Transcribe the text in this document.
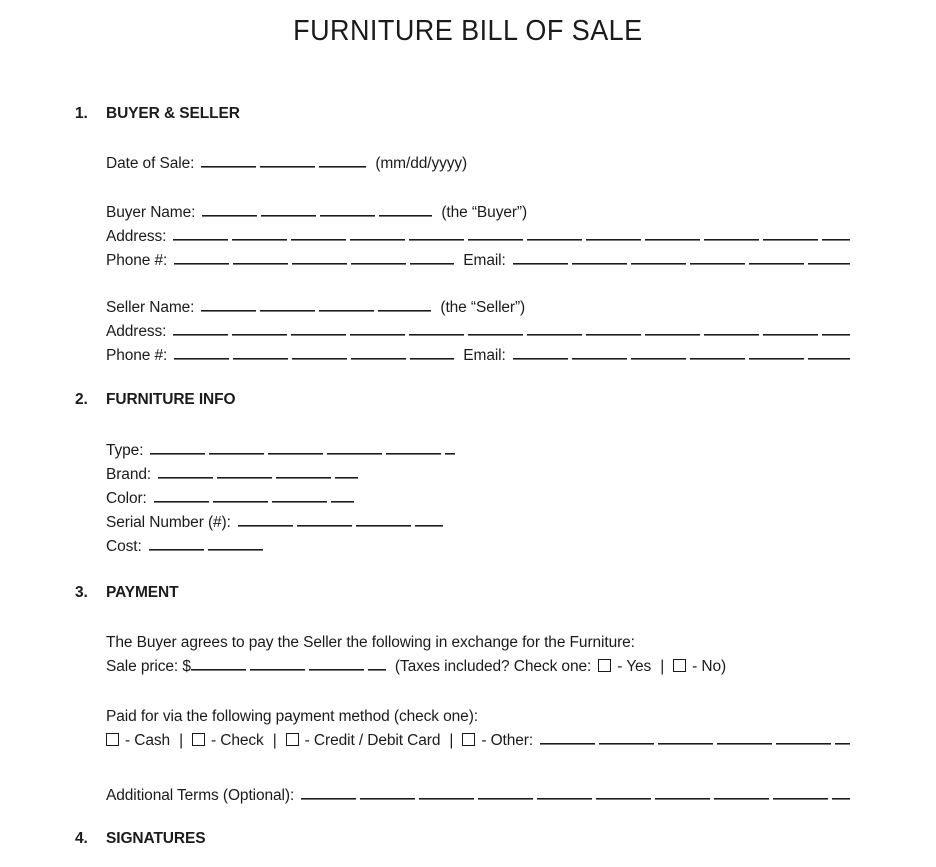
FURNITURE BILL OF SALE
1.	BUYER & SELLER
Date of Sale:	(mm/dd/yyyy)
Buyer Name:	(the “Buyer”)
Address:
Phone #:	Email:
Seller Name:	(the “Seller”)
Address:
Phone #:	Email:
2.	FURNITURE INFO
Type:
Brand:
Color:
Serial Number (#):
Cost:
3.	PAYMENT
The Buyer agrees to pay the Seller the following in exchange for the Furniture:
Sale price: $	(Taxes included? Check one:	- Yes |	- No)
Paid for via the following payment method (check one):
- Cash |	- Check |	- Credit / Debit Card |	- Other:
Additional Terms (Optional):
4.	SIGNATURES
